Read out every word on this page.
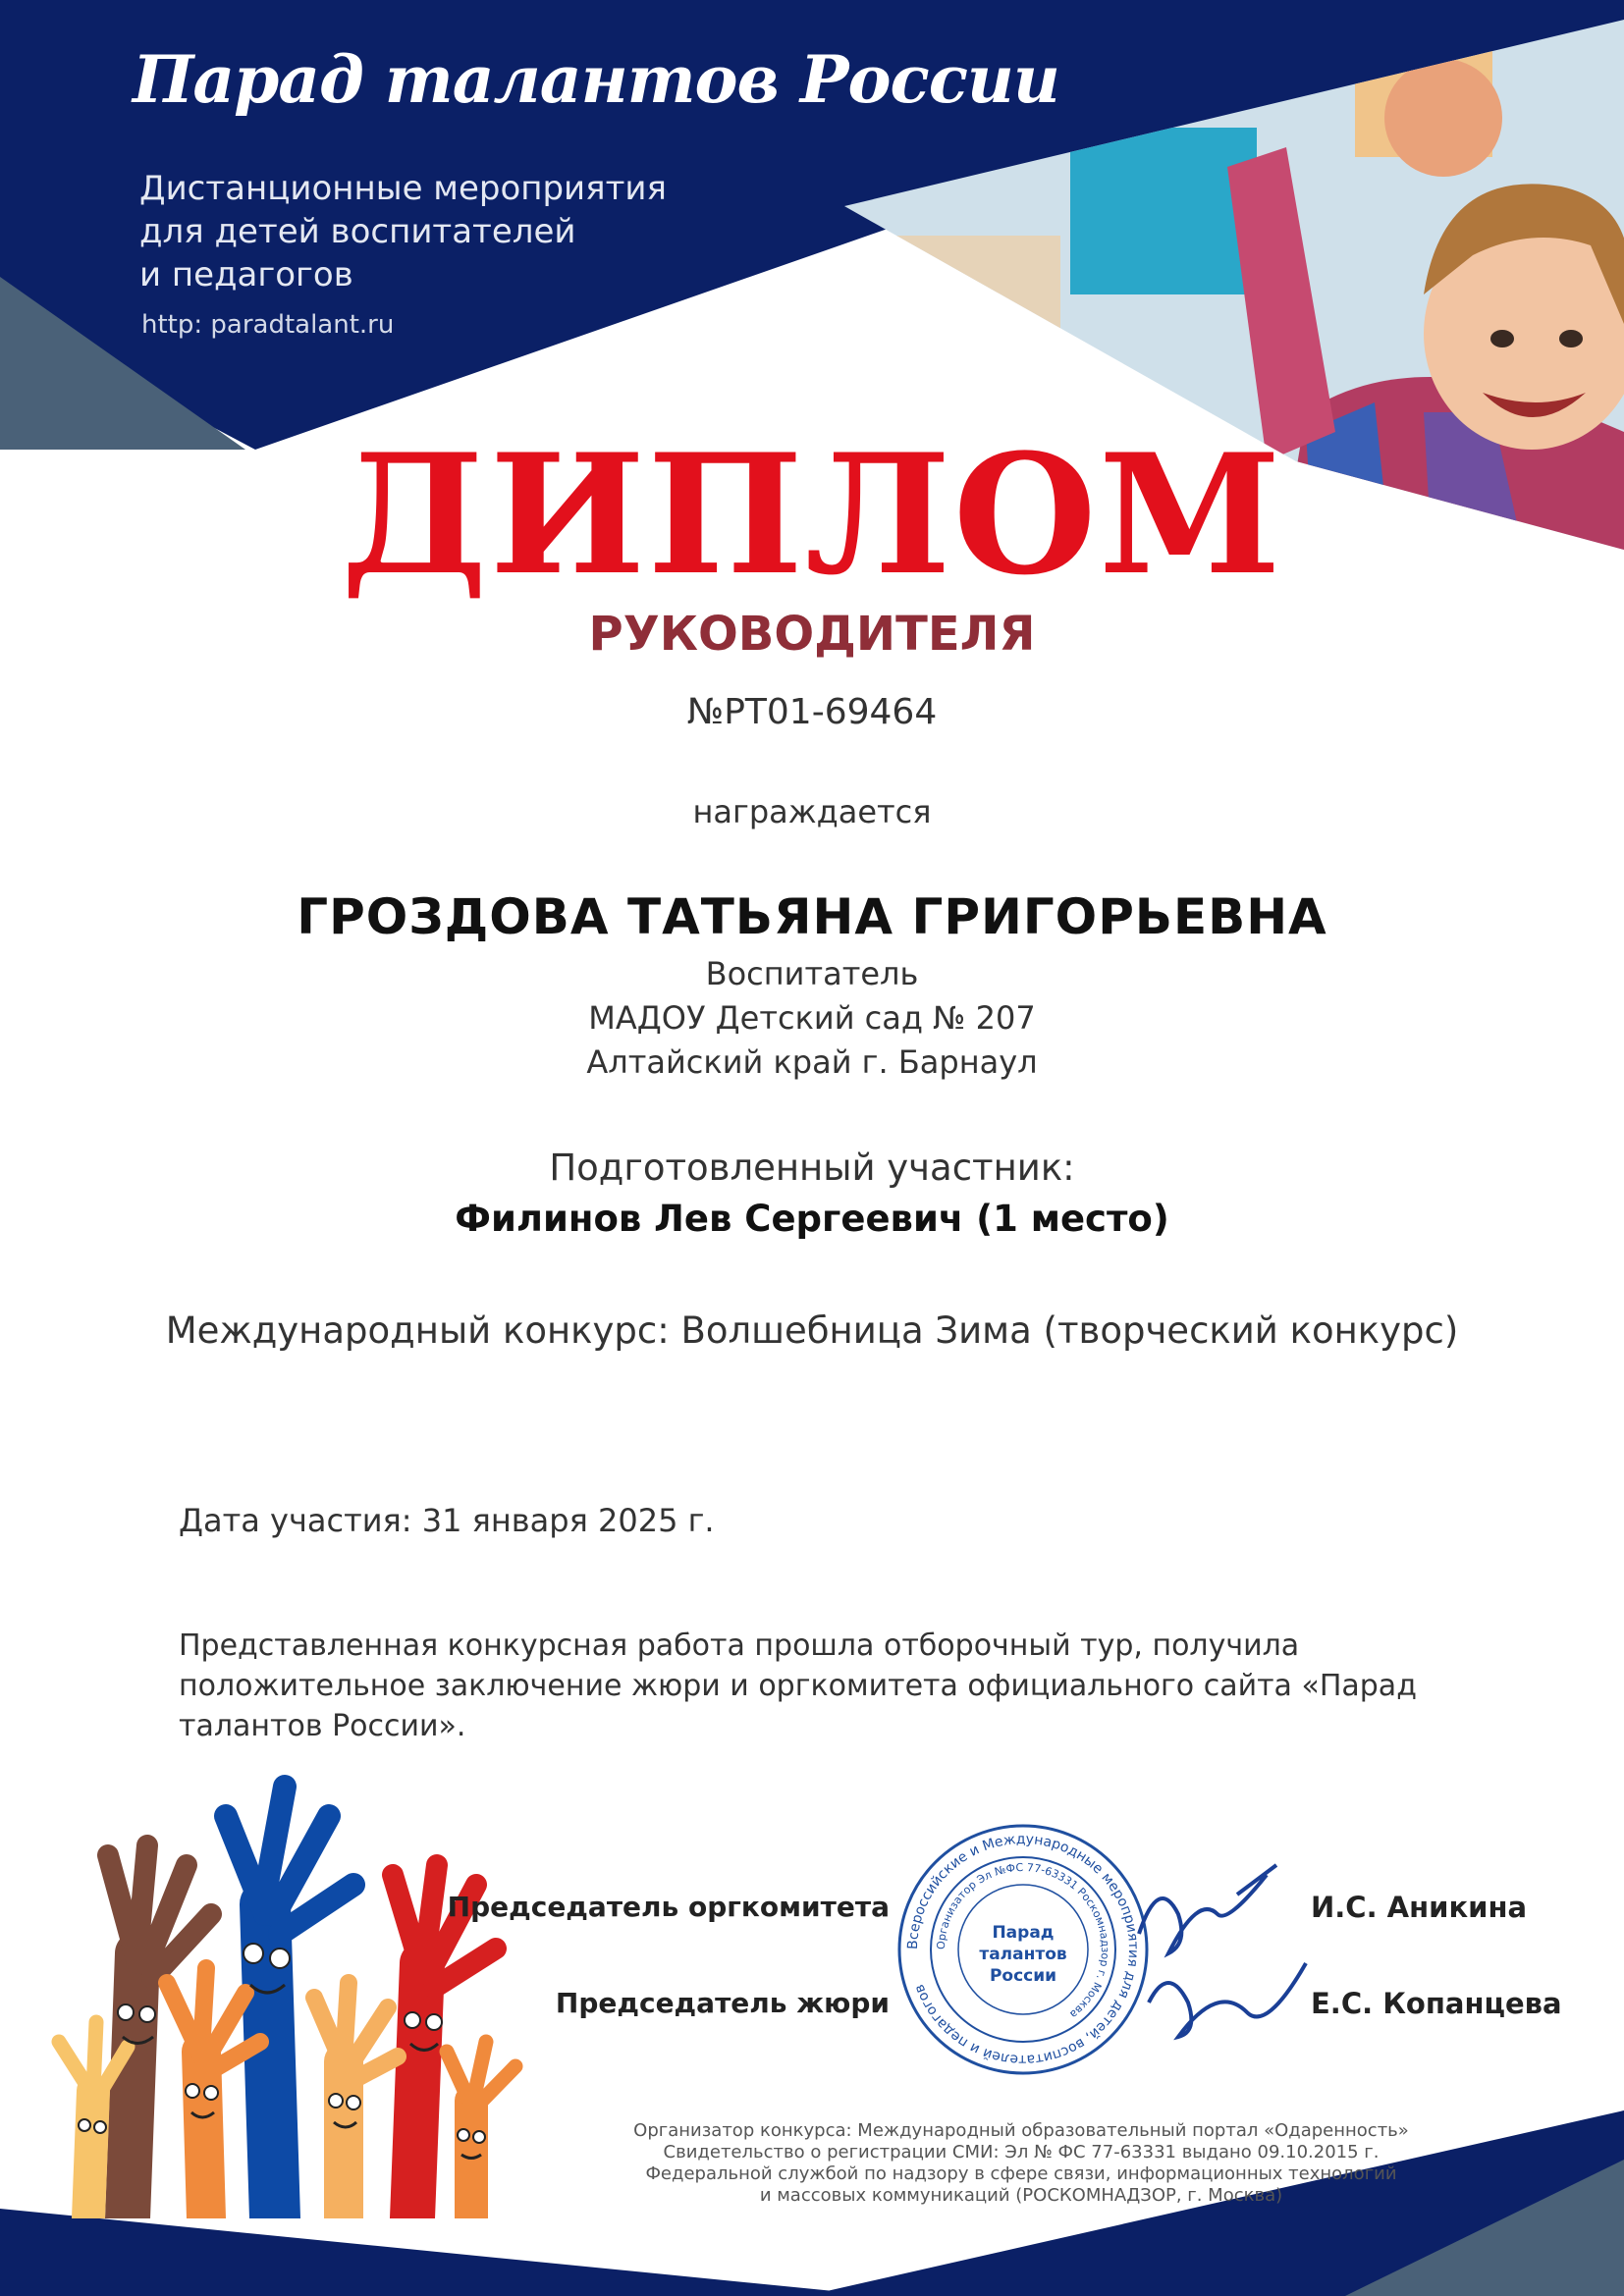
Парад талантов России
Дистанционные мероприятия
для детей воспитателей
и педагогов
http: paradtalant.ru
ДИПЛОМ
РУКОВОДИТЕЛЯ
№РТ01-69464
награждается
ГРОЗДОВА ТАТЬЯНА ГРИГОРЬЕВНА
Воспитатель
МАДОУ Детский сад № 207
Алтайский край г. Барнаул
Подготовленный участник:
Филинов Лев Сергеевич (1 место)
Международный конкурс: Волшебница Зима (творческий конкурс)
Дата участия: 31 января 2025 г.
Представленная конкурсная работа прошла отборочный тур, получила положительное заключение жюри и оргкомитета официального сайта «Парад талантов России».
Председатель оргкомитета
Председатель жюри
И.С. Аникина
Е.С. Копанцева
Всероссийские и Международные мероприятия для детей, воспитателей и педагогов
Организатор Эл №ФС 77-63331 Роскомнадзор г. Москва
Парад
талантов
России
Организатор конкурса: Международный образовательный портал «Одаренность»
Свидетельство о регистрации СМИ: Эл № ФС 77-63331 выдано 09.10.2015 г.
Федеральной службой по надзору в сфере связи, информационных технологий
и массовых коммуникаций (РОСКОМНАДЗОР, г. Москва)
